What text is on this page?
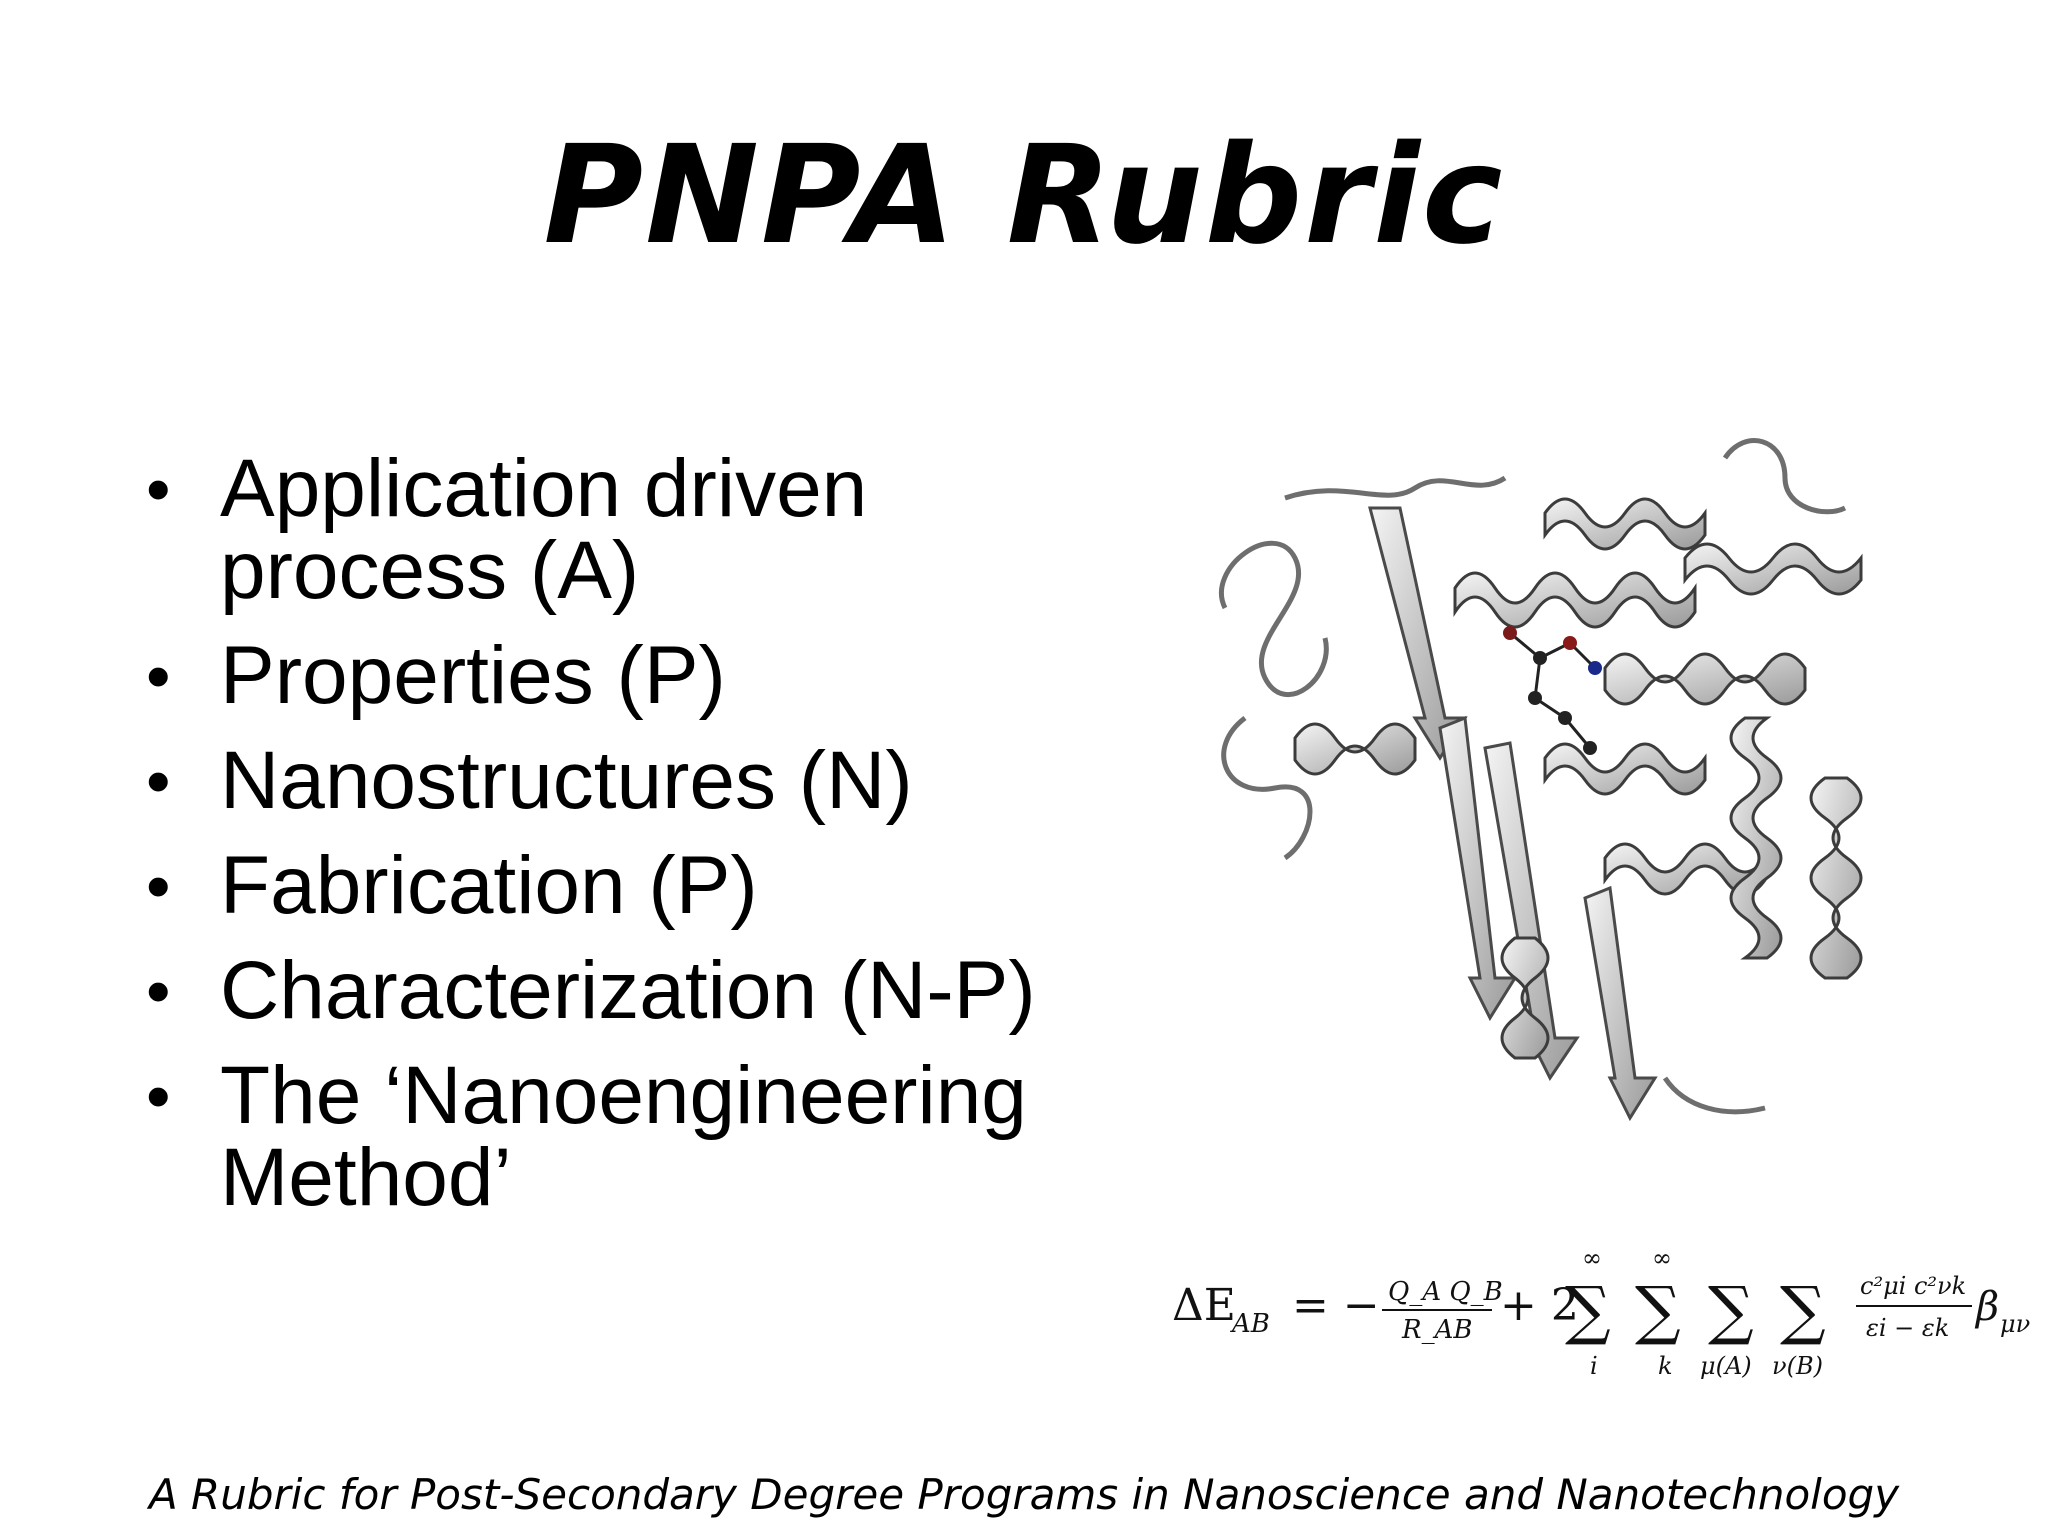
PNPA Rubric
• Application driven process (A)
• Properties (P)
• Nanostructures (N)
• Fabrication (P)
• Characterization (N-P)
• The ‘Nanoengineering Method’
ΔE
AB = − Q_A Q_B
R_AB + 2
∞
∑
i
∞
∑
k
∑
μ(A)
∑
ν(B)
c²μi c²νk
εi − εk β μν
A Rubric for Post-Secondary Degree Programs in Nanoscience and Nanotechnology
